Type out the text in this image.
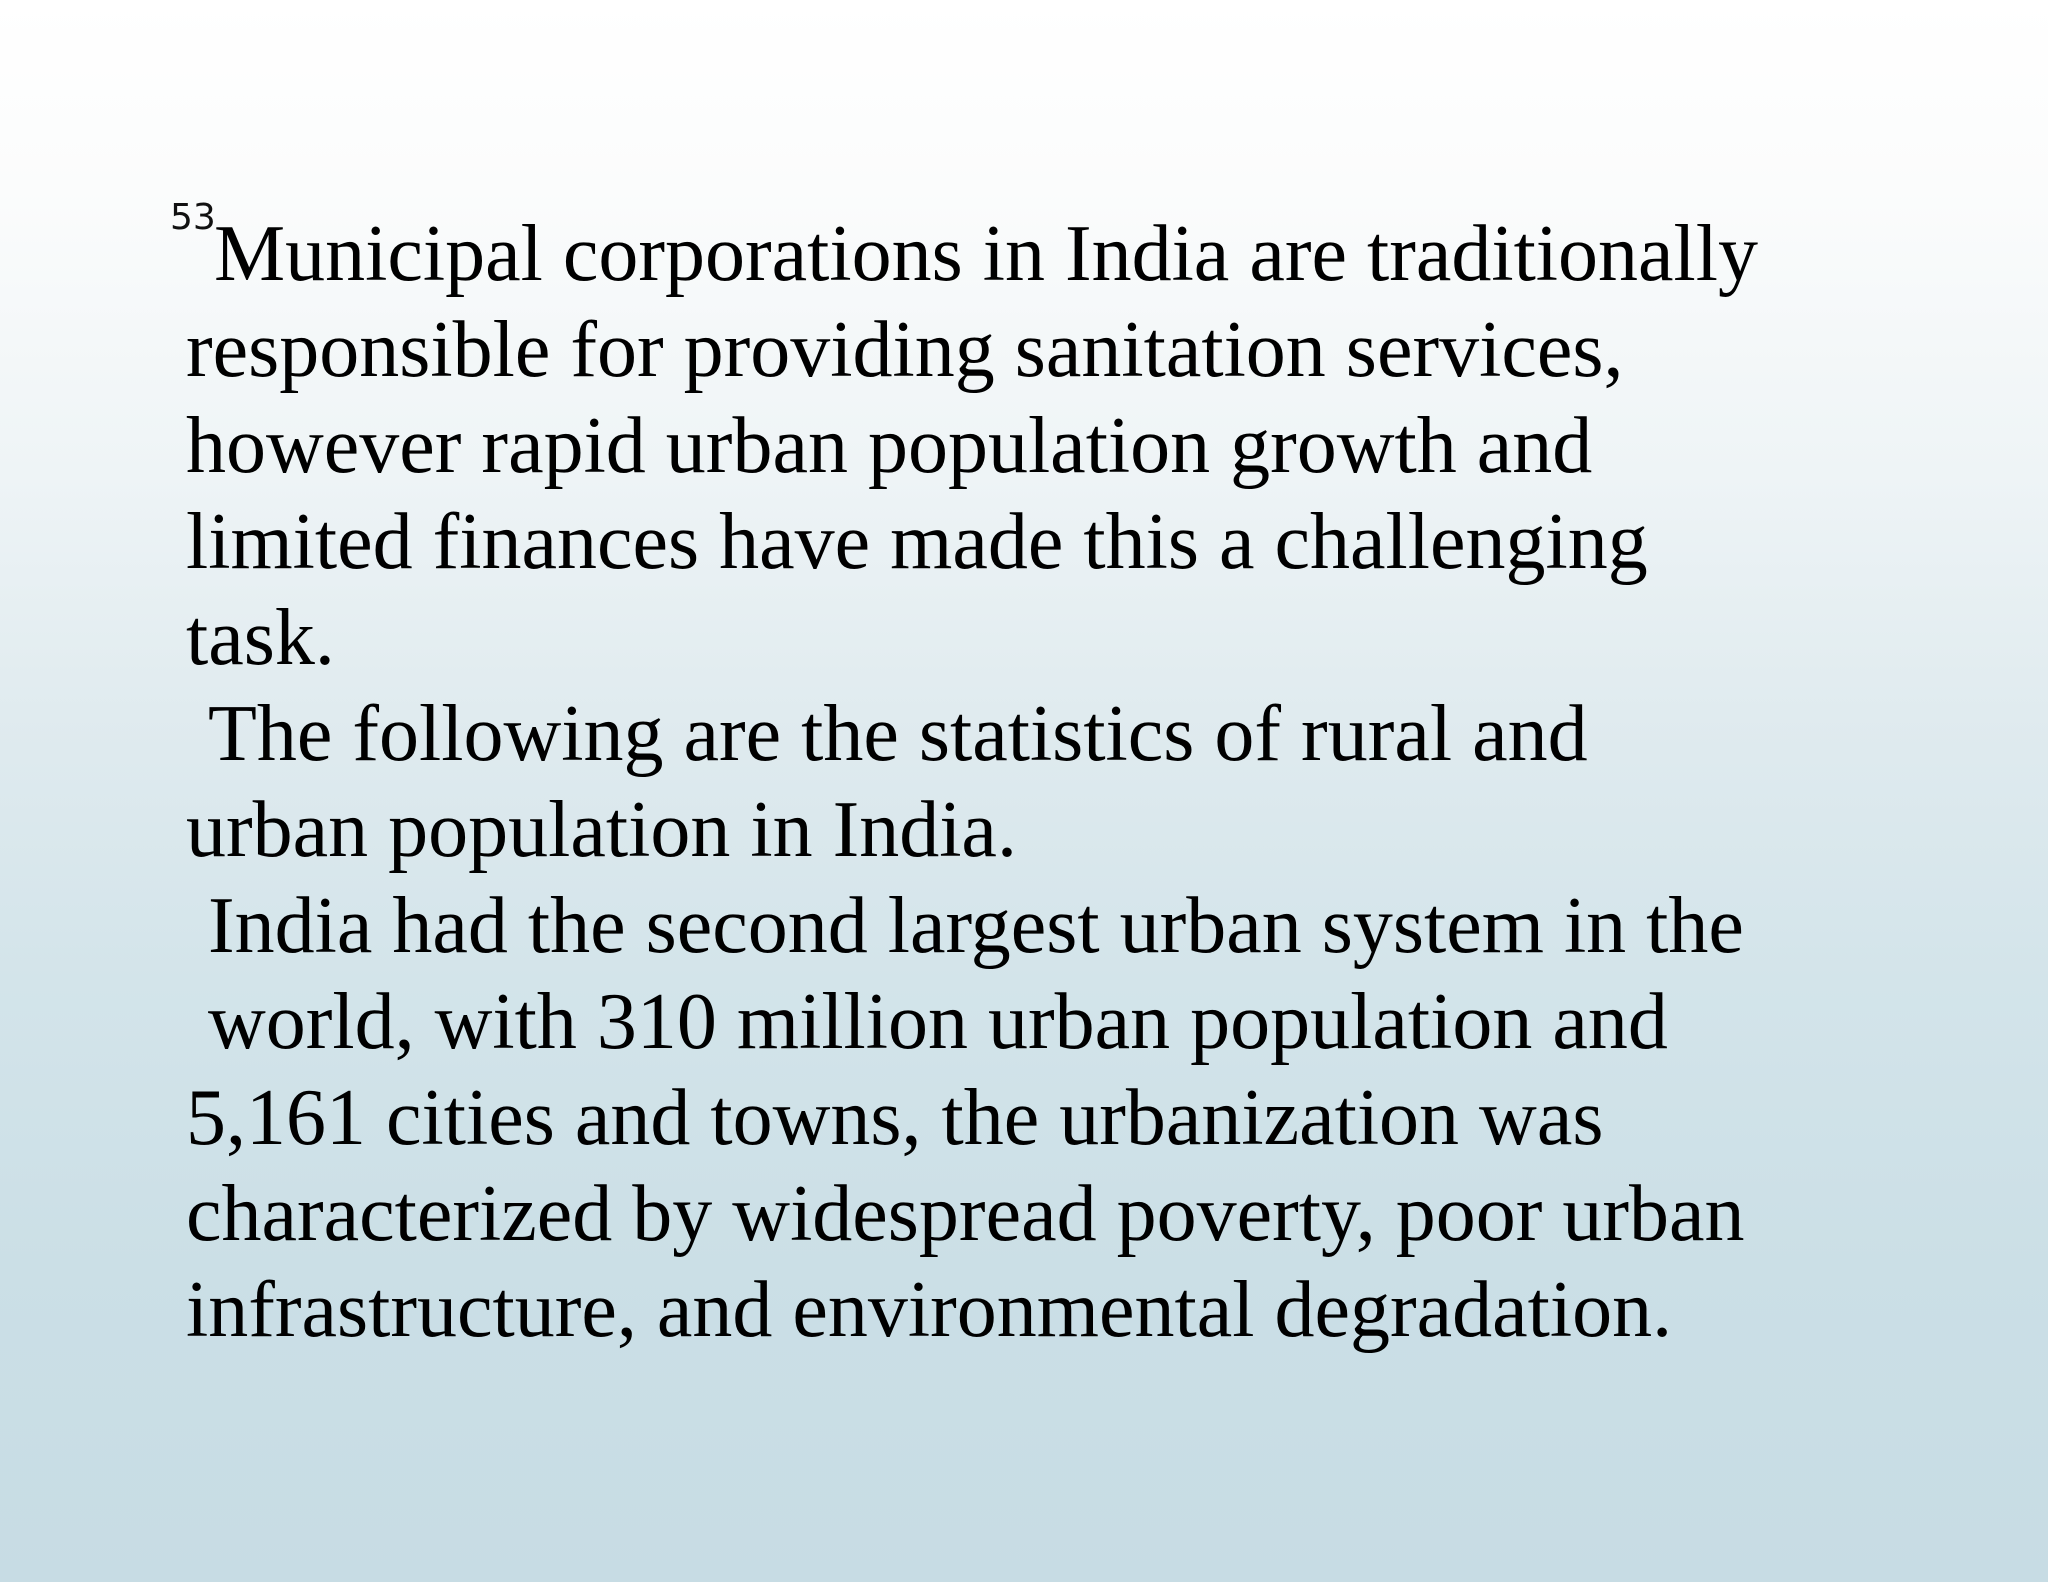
53
Municipal corporations in India are traditionally
responsible for providing sanitation services,
however rapid urban population growth and
limited finances have made this a challenging
task.
The following are the statistics of rural and
urban population in India.
India had the second largest urban system in the
world, with 310 million urban population and
5,161 cities and towns, the urbanization was
characterized by widespread poverty, poor urban
infrastructure, and environmental degradation.
